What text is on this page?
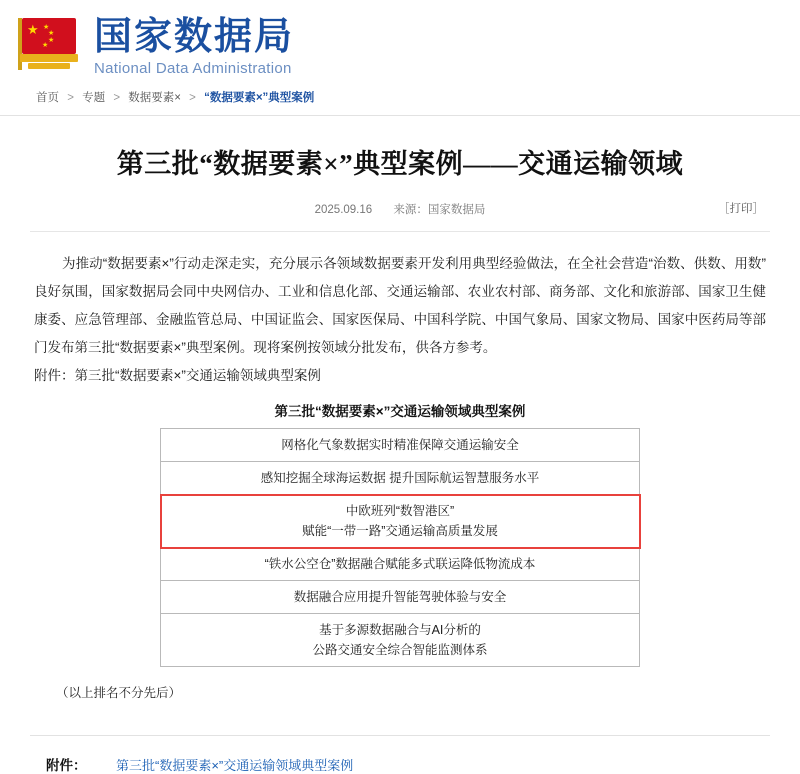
★ ★
★
★
★ 国家数据局
National Data Administration
首页 > 专题 > 数据要素× > “数据要素×”典型案例
第三批“数据要素×”典型案例——交通运输领域
2025.09.16 来源：国家数据局	［打印］
为推动“数据要素×”行动走深走实，充分展示各领域数据要素开发利用典型经验做法，在全社会营造“治数、供数、用数”良好氛围，国家数据局会同中央网信办、工业和信息化部、交通运输部、农业农村部、商务部、文化和旅游部、国家卫生健康委、应急管理部、金融监管总局、中国证监会、国家医保局、中国科学院、中国气象局、国家文物局、国家中医药局等部门发布第三批“数据要素×”典型案例。现将案例按领域分批发布，供各方参考。
附件：第三批“数据要素×”交通运输领域典型案例
第三批“数据要素×”交通运输领域典型案例
网格化气象数据实时精准保障交通运输安全
感知挖掘全球海运数据 提升国际航运智慧服务水平

中欧班列“数智港区”
赋能“一带一路”交通运输高质量发展

“铁水公空仓”数据融合赋能多式联运降低物流成本
数据融合应用提升智能驾驶体验与安全

基于多源数据融合与AI分析的
公路交通安全综合智能监测体系
（以上排名不分先后）
附件：	第三批“数据要素×”交通运输领域典型案例
